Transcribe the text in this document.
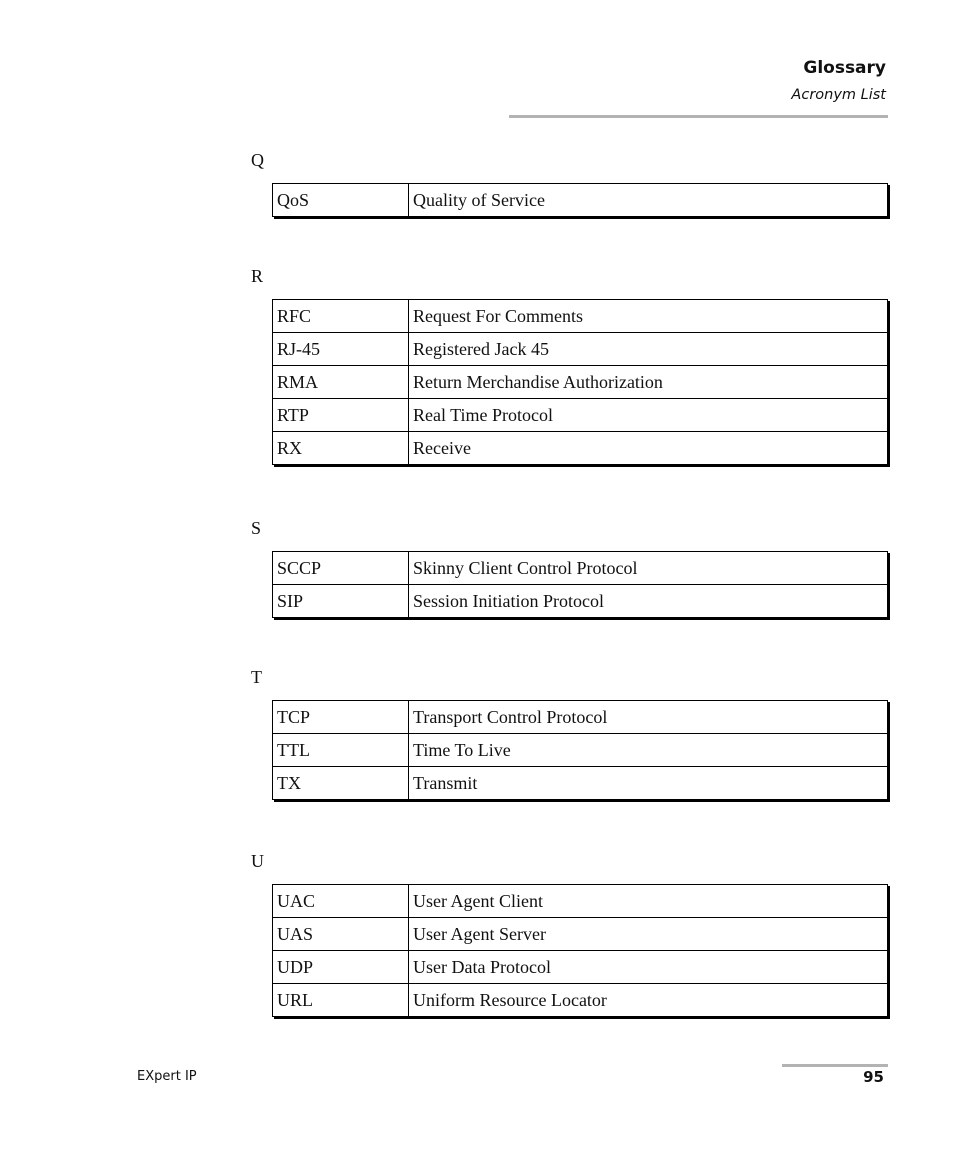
Glossary
Acronym List
Q
QoS	Quality of Service
R
RFC	Request For Comments
RJ-45	Registered Jack 45
RMA	Return Merchandise Authorization
RTP	Real Time Protocol
RX	Receive
S
SCCP	Skinny Client Control Protocol
SIP	Session Initiation Protocol
T
TCP	Transport Control Protocol
TTL	Time To Live
TX	Transmit
U
UAC	User Agent Client
UAS	User Agent Server
UDP	User Data Protocol
URL	Uniform Resource Locator
EXpert IP	95
